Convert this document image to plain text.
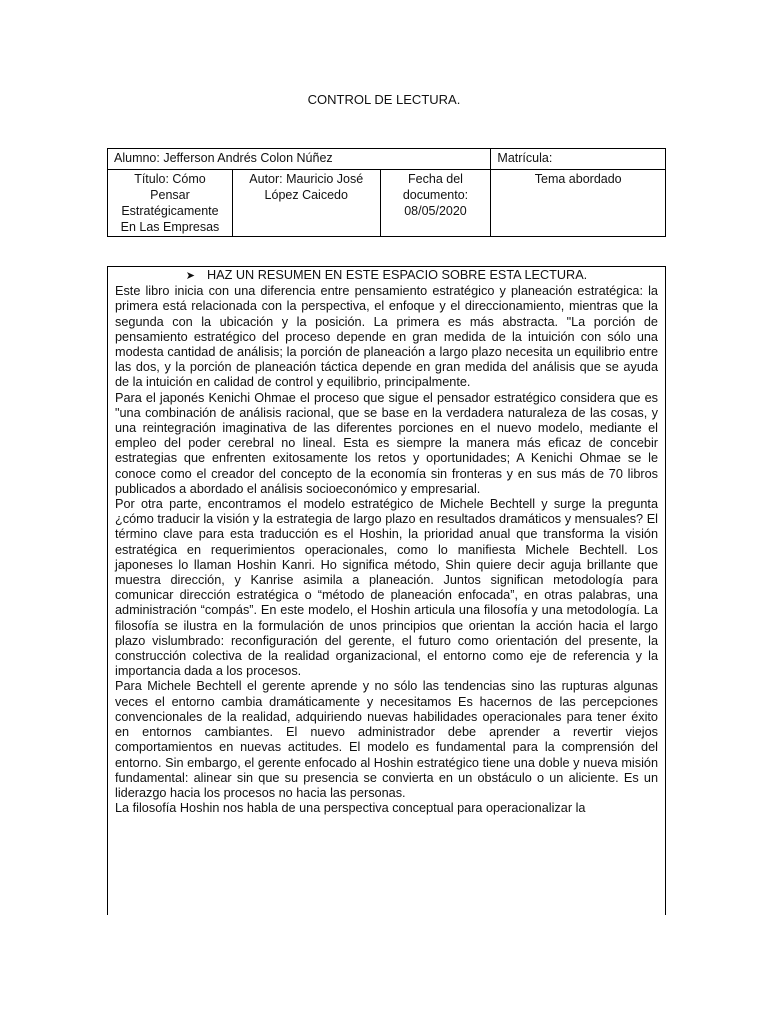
CONTROL DE LECTURA.
Alumno: Jefferson Andrés Colon Núñez			Matrícula:
Título: Cómo Pensar Estratégicamente En Las Empresas	Autor: Mauricio José López Caicedo	Fecha del documento: 08/05/2020	Tema abordado
➤ HAZ UN RESUMEN EN ESTE ESPACIO SOBRE ESTA LECTURA.

Este libro inicia con una diferencia entre pensamiento estratégico y planeación estratégica: la primera está relacionada con la perspectiva, el enfoque y el direccionamiento, mientras que la segunda con la ubicación y la posición. La primera es más abstracta. "La porción de pensamiento estratégico del proceso depende en gran medida de la intuición con sólo una modesta cantidad de análisis; la porción de planeación a largo plazo necesita un equilibrio entre las dos, y la porción de planeación táctica depende en gran medida del análisis que se ayuda de la intuición en calidad de control y equilibrio, principalmente.

Para el japonés Kenichi Ohmae el proceso que sigue el pensador estratégico considera que es "una combinación de análisis racional, que se base en la verdadera naturaleza de las cosas, y una reintegración imaginativa de las diferentes porciones en el nuevo modelo, mediante el empleo del poder cerebral no lineal. Esta es siempre la manera más eficaz de concebir estrategias que enfrenten exitosamente los retos y oportunidades; A Kenichi Ohmae se le conoce como el creador del concepto de la economía sin fronteras y en sus más de 70 libros publicados a abordado el análisis socioeconómico y empresarial.

Por otra parte, encontramos el modelo estratégico de Michele Bechtell y surge la pregunta ¿cómo traducir la visión y la estrategia de largo plazo en resultados dramáticos y mensuales? El término clave para esta traducción es el Hoshin, la prioridad anual que transforma la visión estratégica en requerimientos operacionales, como lo manifiesta Michele Bechtell. Los japoneses lo llaman Hoshin Kanri. Ho significa método, Shin quiere decir aguja brillante que muestra dirección, y Kanrise asimila a planeación. Juntos significan metodología para comunicar dirección estratégica o “método de planeación enfocada”, en otras palabras, una administración “compás”. En este modelo, el Hoshin articula una filosofía y una metodología. La filosofía se ilustra en la formulación de unos principios que orientan la acción hacia el largo plazo vislumbrado: reconfiguración del gerente, el futuro como orientación del presente, la construcción colectiva de la realidad organizacional, el entorno como eje de referencia y la importancia dada a los procesos.

Para Michele Bechtell el gerente aprende y no sólo las tendencias sino las rupturas algunas veces el entorno cambia dramáticamente y necesitamos Es hacernos de las percepciones convencionales de la realidad, adquiriendo nuevas habilidades operacionales para tener éxito en entornos cambiantes. El nuevo administrador debe aprender a revertir viejos comportamientos en nuevas actitudes. El modelo es fundamental para la comprensión del entorno. Sin embargo, el gerente enfocado al Hoshin estratégico tiene una doble y nueva misión fundamental: alinear sin que su presencia se convierta en un obstáculo o un aliciente. Es un liderazgo hacia los procesos no hacia las personas.

La filosofía Hoshin nos habla de una perspectiva conceptual para operacionalizar la
